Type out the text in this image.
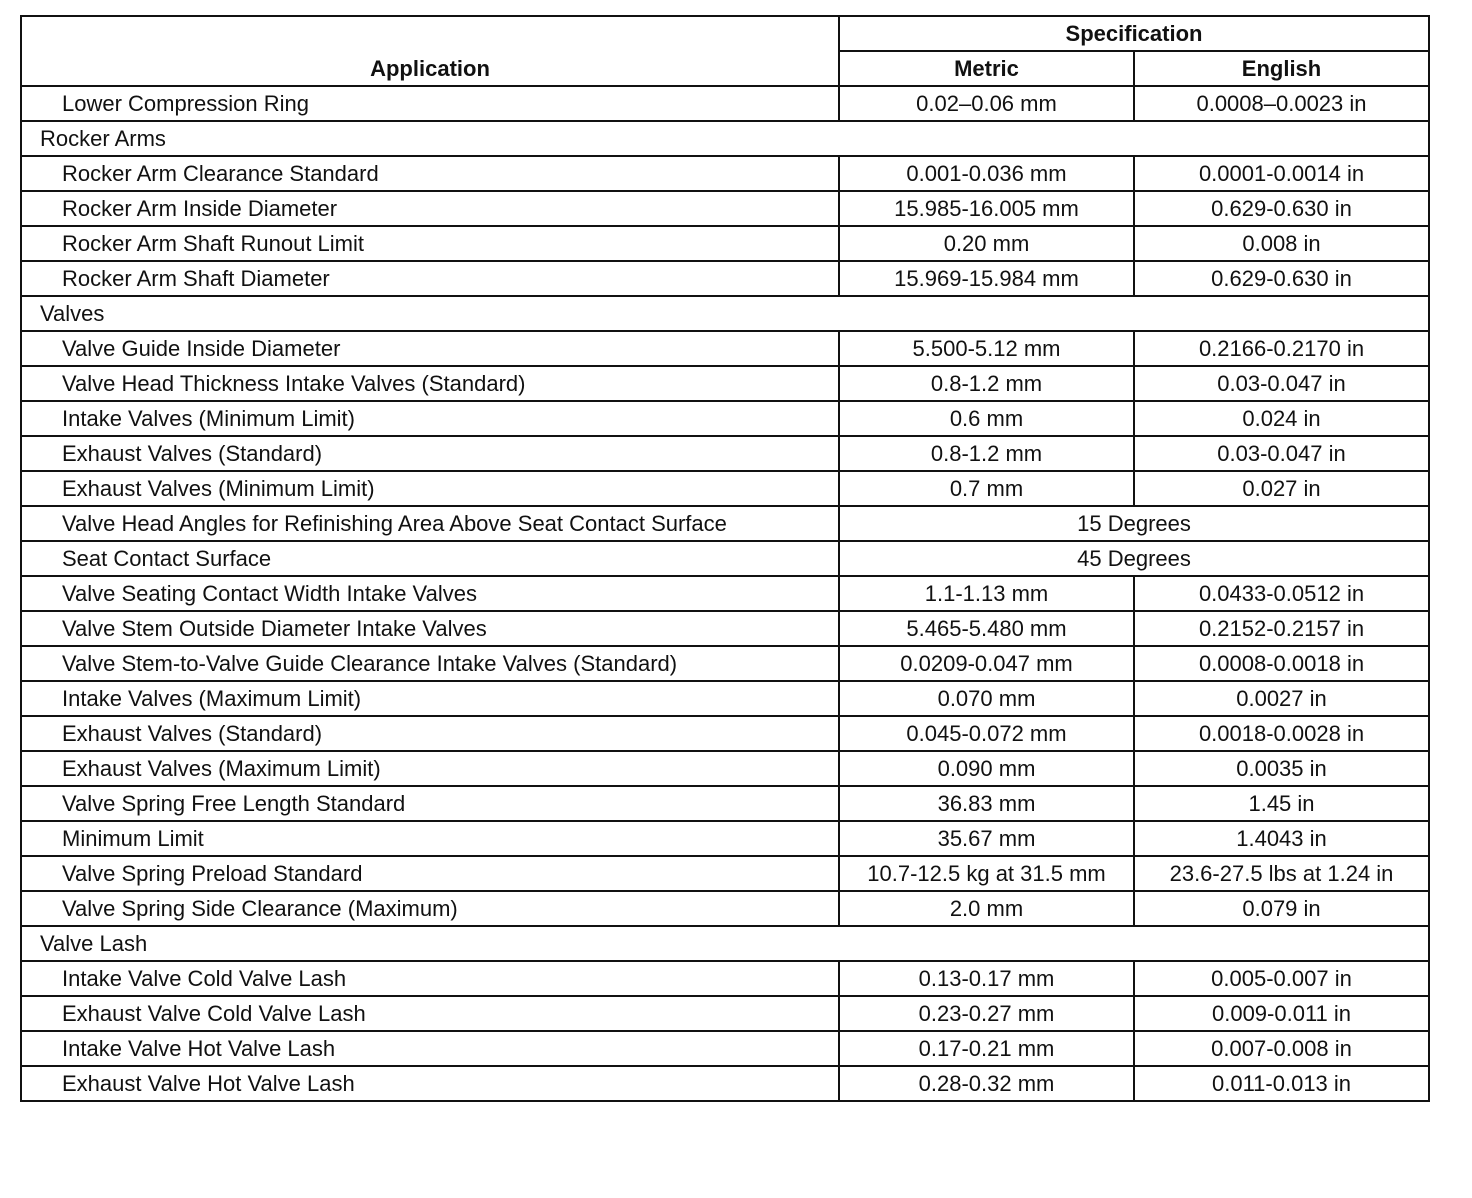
Application	Specification	
	Metric	English
Lower Compression Ring	0.02–0.06 mm	0.0008–0.0023 in
Rocker Arms		
Rocker Arm Clearance Standard	0.001-0.036 mm	0.0001-0.0014 in
Rocker Arm Inside Diameter	15.985-16.005 mm	0.629-0.630 in
Rocker Arm Shaft Runout Limit	0.20 mm	0.008 in
Rocker Arm Shaft Diameter	15.969-15.984 mm	0.629-0.630 in
Valves		
Valve Guide Inside Diameter	5.500-5.12 mm	0.2166-0.2170 in
Valve Head Thickness Intake Valves (Standard)	0.8-1.2 mm	0.03-0.047 in
Intake Valves (Minimum Limit)	0.6 mm	0.024 in
Exhaust Valves (Standard)	0.8-1.2 mm	0.03-0.047 in
Exhaust Valves (Minimum Limit)	0.7 mm	0.027 in
Valve Head Angles for Refinishing Area Above Seat Contact Surface	15 Degrees	
Seat Contact Surface	45 Degrees	
Valve Seating Contact Width Intake Valves	1.1-1.13 mm	0.0433-0.0512 in
Valve Stem Outside Diameter Intake Valves	5.465-5.480 mm	0.2152-0.2157 in
Valve Stem-to-Valve Guide Clearance Intake Valves (Standard)	0.0209-0.047 mm	0.0008-0.0018 in
Intake Valves (Maximum Limit)	0.070 mm	0.0027 in
Exhaust Valves (Standard)	0.045-0.072 mm	0.0018-0.0028 in
Exhaust Valves (Maximum Limit)	0.090 mm	0.0035 in
Valve Spring Free Length Standard	36.83 mm	1.45 in
Minimum Limit	35.67 mm	1.4043 in
Valve Spring Preload Standard	10.7-12.5 kg at 31.5 mm	23.6-27.5 lbs at 1.24 in
Valve Spring Side Clearance (Maximum)	2.0 mm	0.079 in
Valve Lash		
Intake Valve Cold Valve Lash	0.13-0.17 mm	0.005-0.007 in
Exhaust Valve Cold Valve Lash	0.23-0.27 mm	0.009-0.011 in
Intake Valve Hot Valve Lash	0.17-0.21 mm	0.007-0.008 in
Exhaust Valve Hot Valve Lash	0.28-0.32 mm	0.011-0.013 in
